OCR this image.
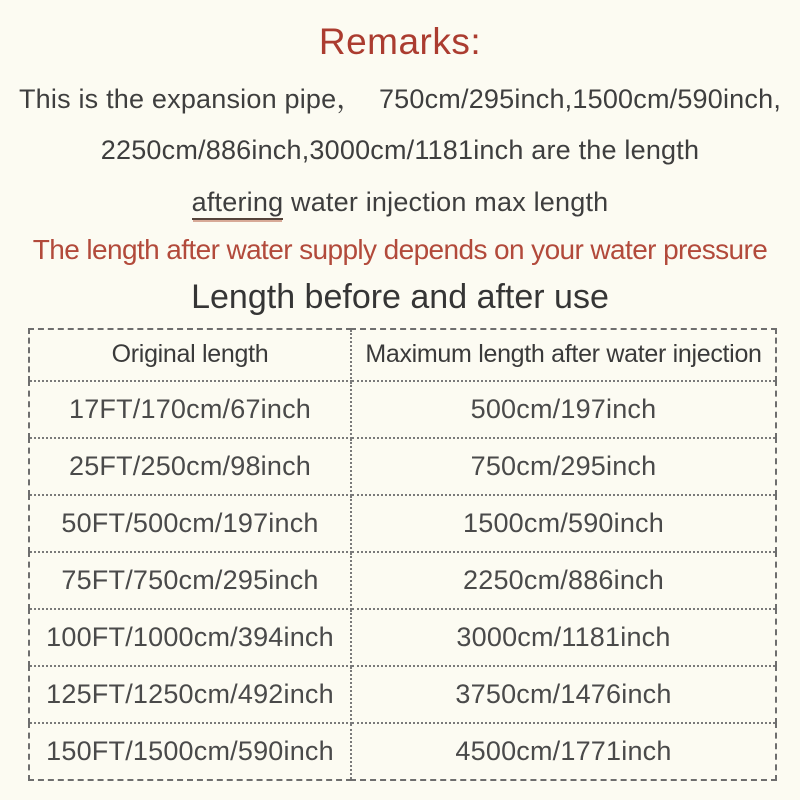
Remarks:

This is the expansion pipe，  750cm/295inch,1500cm/590inch,

2250cm/886inch,3000cm/1181inch are the length

aftering water injection max length

The length after water supply depends on your water pressure

Length before and after use
Original length	Maximum length after water injection
17FT/170cm/67inch	500cm/197inch
25FT/250cm/98inch	750cm/295inch
50FT/500cm/197inch	1500cm/590inch
75FT/750cm/295inch	2250cm/886inch
100FT/1000cm/394inch	3000cm/1181inch
125FT/1250cm/492inch	3750cm/1476inch
150FT/1500cm/590inch	4500cm/1771inch
